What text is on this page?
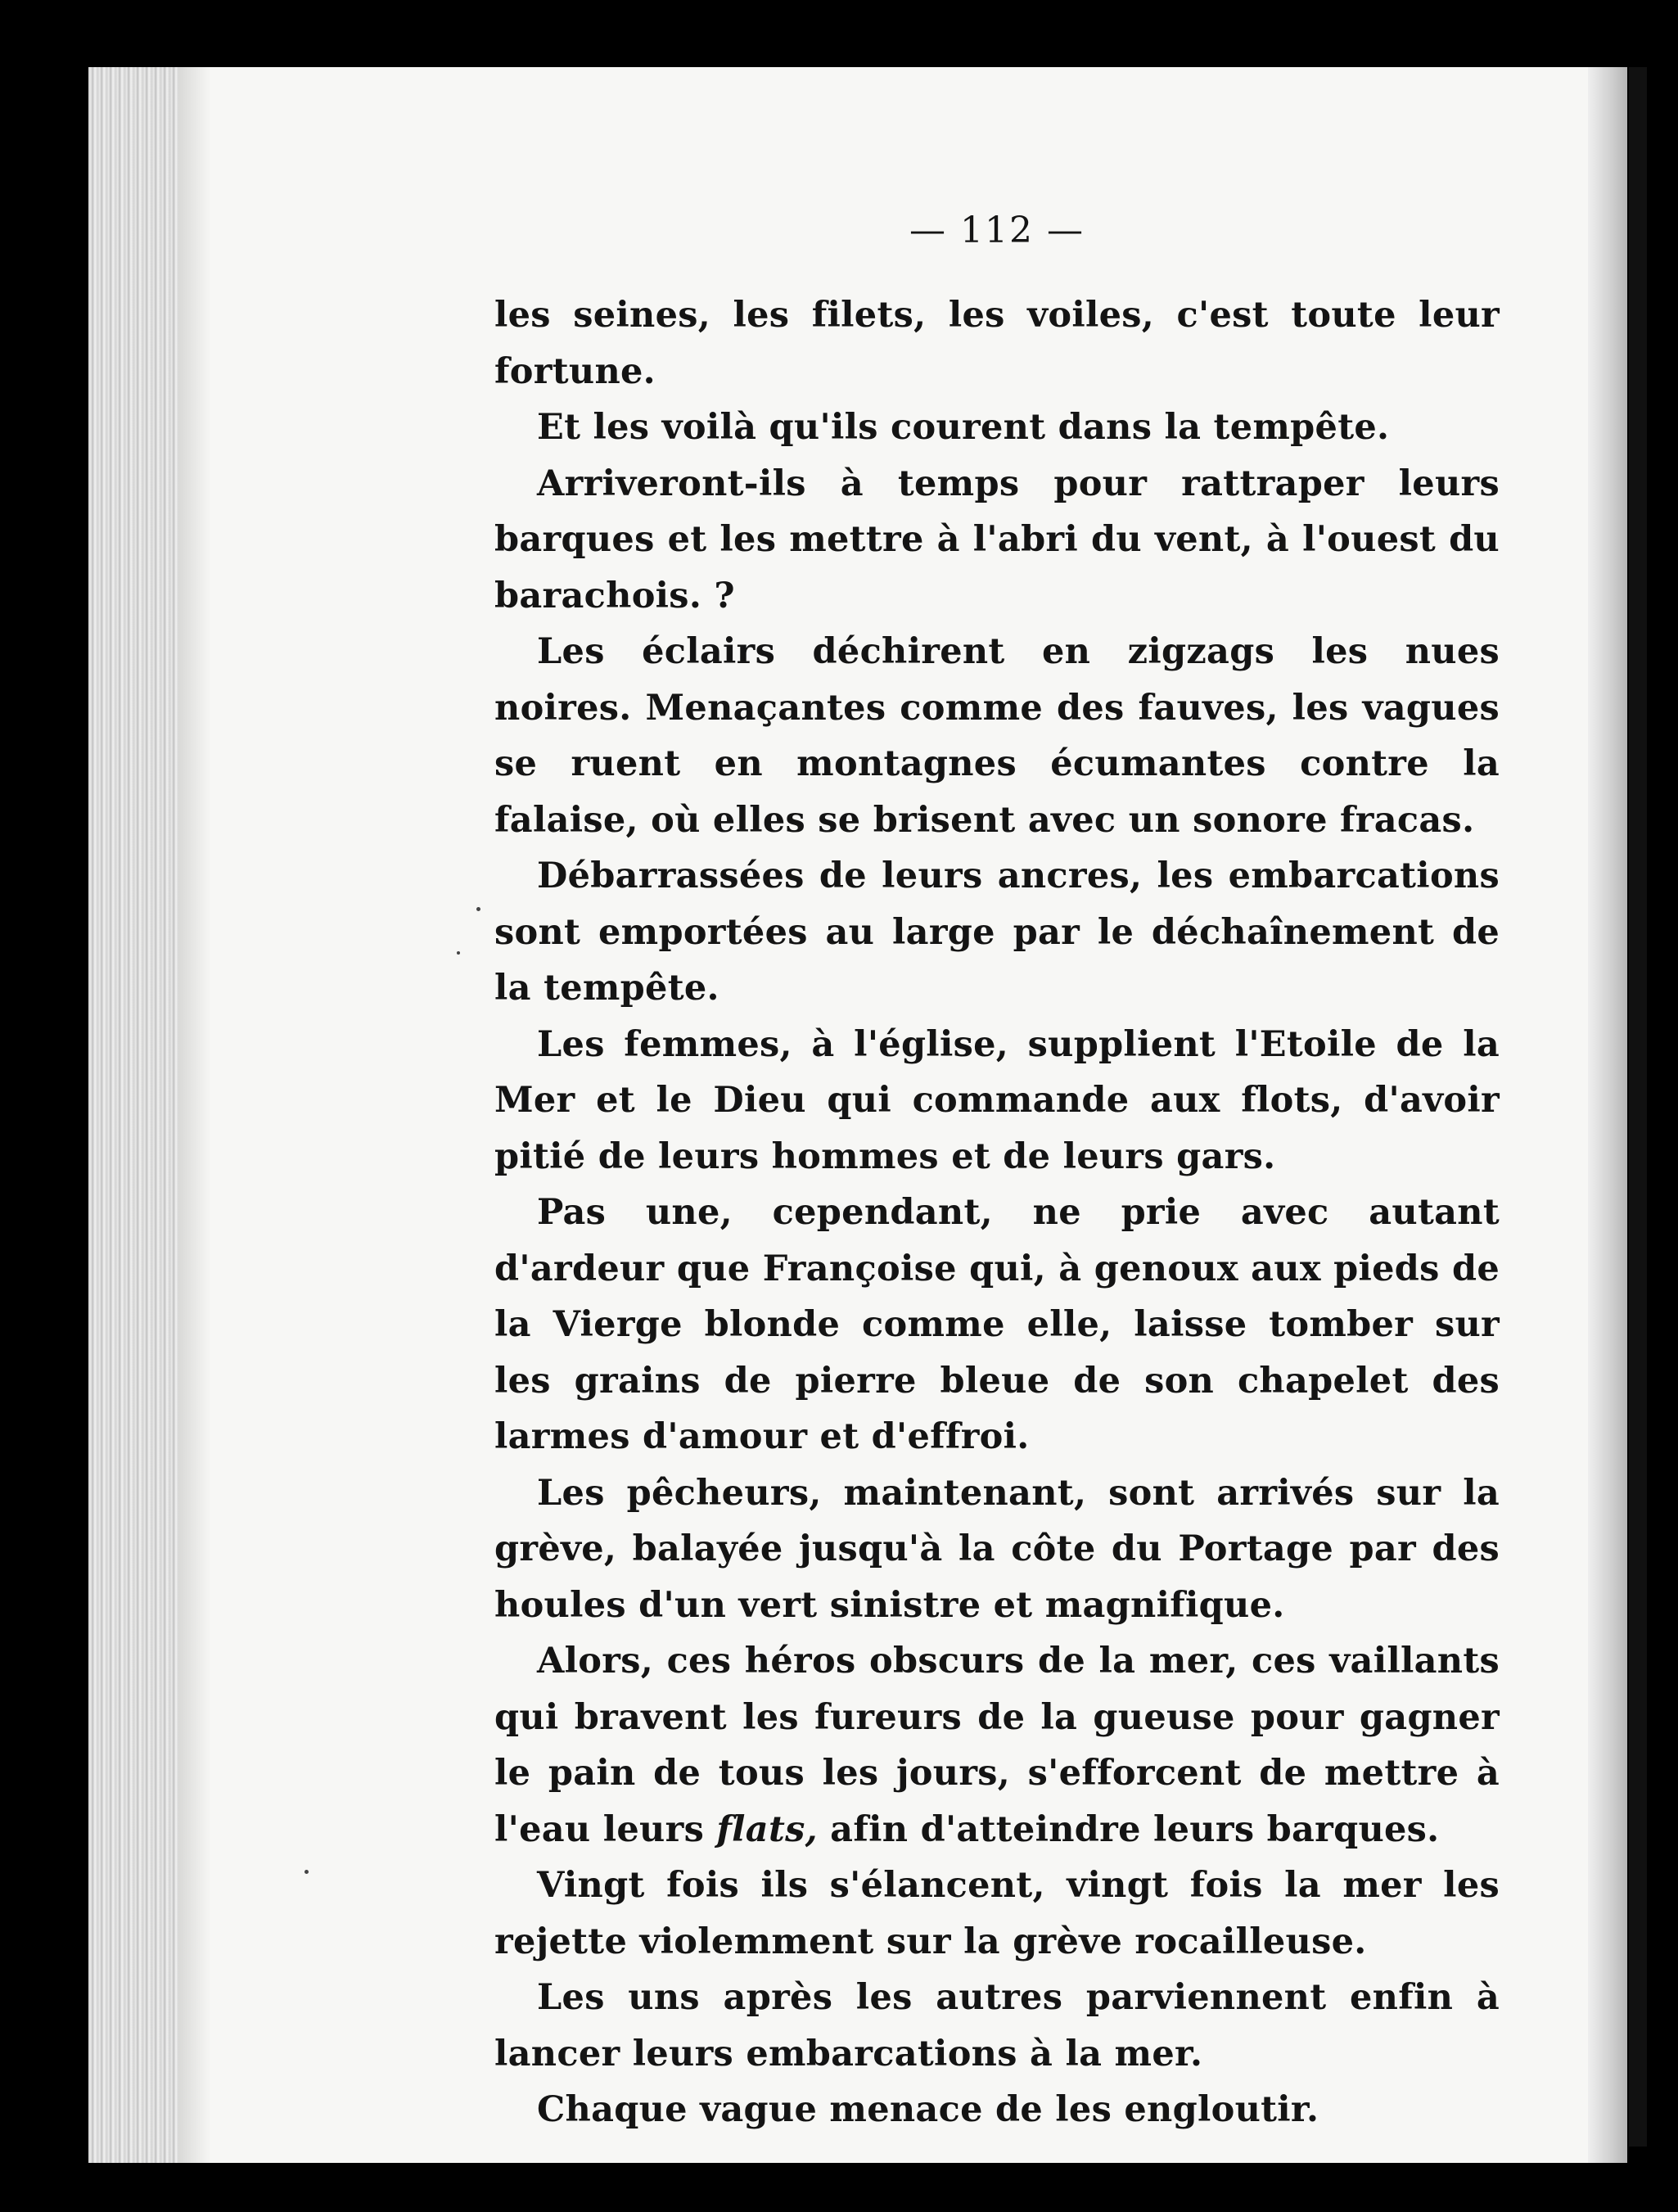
— 112 —

les seines, les filets, les voiles, c'est toute leur fortune.

Et les voilà qu'ils courent dans la tempête.

Arriveront-ils à temps pour rattraper leurs barques et les mettre à l'abri du vent, à l'ouest du barachois. ?

Les éclairs déchirent en zigzags les nues noires. Menaçantes comme des fauves, les vagues se ruent en montagnes écumantes contre la falaise, où elles se brisent avec un sonore fracas.

Débarrassées de leurs ancres, les embarcations sont emportées au large par le déchaînement de la tempête.

Les femmes, à l'église, supplient l'Etoile de la Mer et le Dieu qui commande aux flots, d'avoir pitié de leurs hommes et de leurs gars.

Pas une, cependant, ne prie avec autant d'ardeur que Françoise qui, à genoux aux pieds de la Vierge blonde comme elle, laisse tomber sur les grains de pierre bleue de son chapelet des larmes d'amour et d'effroi.

Les pêcheurs, maintenant, sont arrivés sur la grève, balayée jusqu'à la côte du Portage par des houles d'un vert sinistre et magnifique.

Alors, ces héros obscurs de la mer, ces vaillants qui bravent les fureurs de la gueuse pour gagner le pain de tous les jours, s'efforcent de mettre à l'eau leurs flats, afin d'atteindre leurs barques.

Vingt fois ils s'élancent, vingt fois la mer les rejette violemment sur la grève rocailleuse.

Les uns après les autres parviennent enfin à lancer leurs embarcations à la mer.

Chaque vague menace de les engloutir.
